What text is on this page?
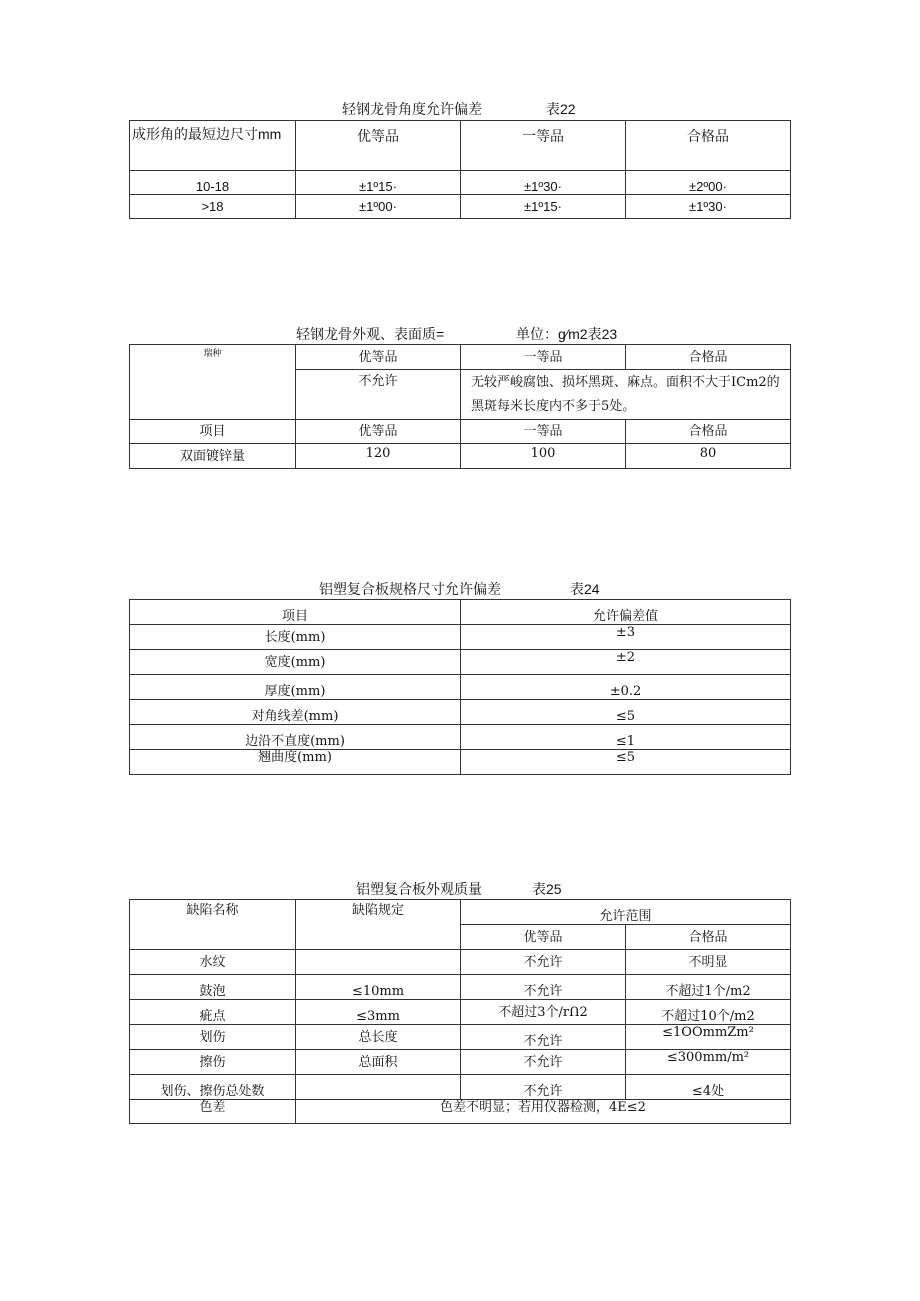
轻钢龙骨角度允许偏差	表22
成形角的最短边尺寸mm	优等品	一等品	合格品
10-18	±1º15·	±1º30·	±2º00·
>18	±1º00·	±1º15·	±1º30·
轻钢龙骨外观、表面质=	单位：g∕m2表23
瑞种	优等品	一等品	合格品
	不允许	无较严峻腐蚀、损坏黑斑、麻点。面积不大于ICm2的黑斑每米长度内不多于5处。	
项目	优等品	一等品	合格品
双面镀锌量	120	100	80
铝塑复合板规格尺寸允许偏差	表24
项目	允许偏差值
长度(mm)	±3
宽度(mm)	±2
厚度(mm)	±0.2
对角线差(mm)	≤5
边沿不直度(mm)	≤1
翘曲度(mm)	≤5
铝塑复合板外观质量	表25
缺陷名称	缺陷规定	允许范围	
		优等品	合格品
水纹		不允许	不明显
鼓泡	≤10mm	不允许	不超过1个/m2
疵点	≤3mm	不超过3个∕rՈ2	不超过10个/m2
划伤	总长度	不允许	≤1OOmmZm²
擦伤	总面积	不允许	≤300mm∕m²
划伤、擦伤总处数		不允许	≤4处
色差	色差不明显；若用仪器检测，4E≤2		
